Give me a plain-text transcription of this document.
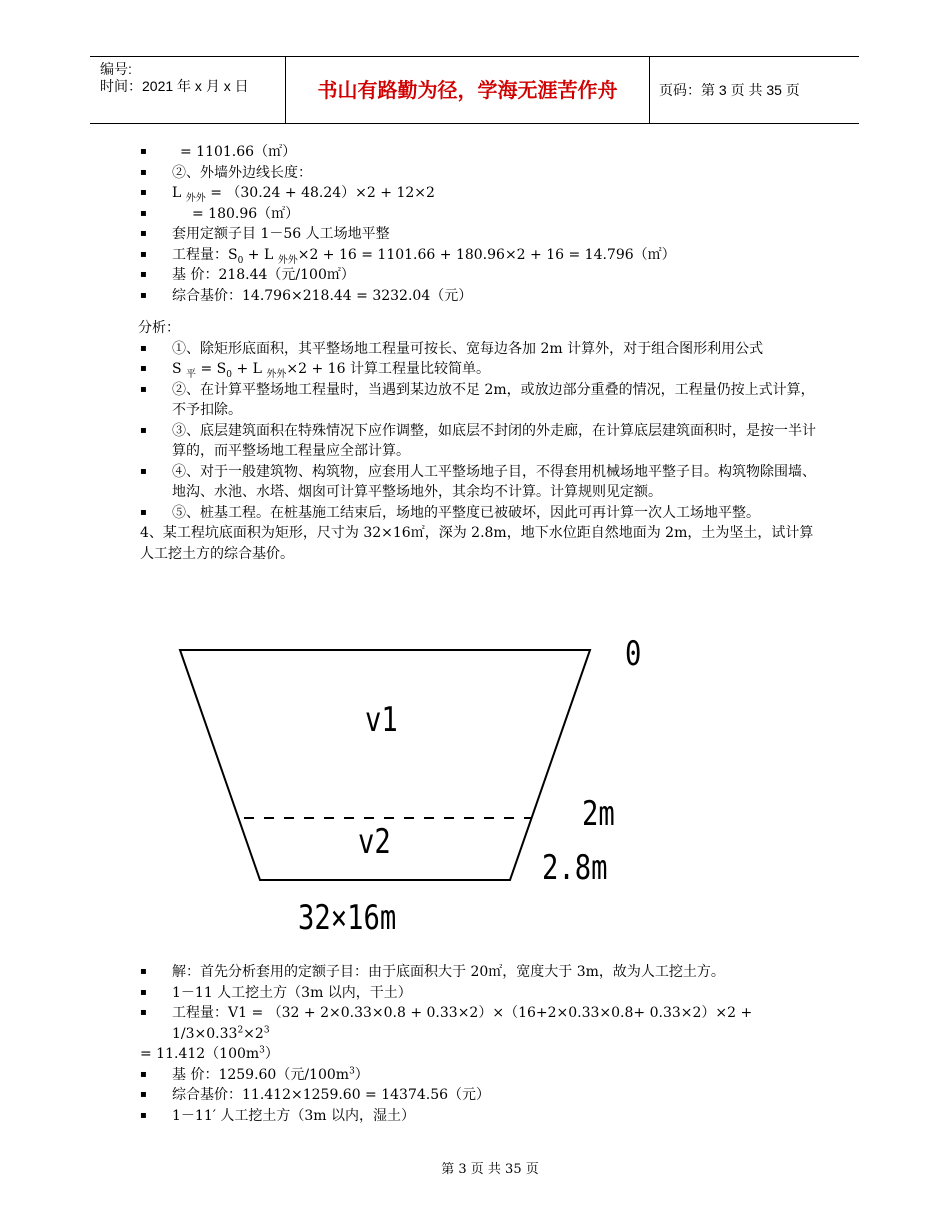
编号:
时间：2021 年 x 月 x 日	书山有路勤为径，学海无涯苦作舟	页码：第 3 页 共 35 页
▪ = 1101.66（㎡）
▪ ②、外墙外边线长度：
▪ L $_{外外}$ = （30.24 + 48.24）×2 + 12×2
▪ = 180.96（㎡）
▪ 套用定额子目 1－56 人工场地平整
▪ 工程量：$S_0 + L$ $_{外外}$×2 + 16 = 1101.66 + 180.96×2 + 16 = 14.796（㎡）
▪ 基 价：218.44（元/100㎡）
▪ 综合基价：14.796×218.44 = 3232.04（元）
分析：
▪ ①、除矩形底面积，其平整场地工程量可按长、宽每边各加 2m 计算外，对于组合图形利用公式
▪ S $_平 = S_0 + L$ $_{外外}$×2 + 16 计算工程量比较简单。
▪ ②、在计算平整场地工程量时，当遇到某边放不足 2m，或放边部分重叠的情况，工程量仍按上式计算，不予扣除。
▪ ③、底层建筑面积在特殊情况下应作调整，如底层不封闭的外走廊，在计算底层建筑面积时，是按一半计算的，而平整场地工程量应全部计算。
▪ ④、对于一般建筑物、构筑物，应套用人工平整场地子目，不得套用机械场地平整子目。构筑物除围墙、地沟、水池、水塔、烟囱可计算平整场地外，其余均不计算。计算规则见定额。
▪ ⑤、桩基工程。在桩基施工结束后，场地的平整度已被破坏，因此可再计算一次人工场地平整。
4、某工程坑底面积为矩形，尺寸为 32×16㎡，深为 2.8m，地下水位距自然地面为 2m，土为坚土，试计算人工挖土方的综合基价。
0
v1
v2
2m
2.8m
32×16m
▪ 解：首先分析套用的定额子目：由于底面积大于 20㎡，宽度大于 3m，故为人工挖土方。
▪ 1－11 人工挖土方（3m 以内，干土）
▪ 工程量：$V1 = (32 + 2\times 0.33\times 0.8 + 0.33\times 2)\times(16+2\times 0.33\times 0.8+ 0.33\times 2)\times 2 + 1/3\times 0.33^2\times 2^3$
= $11.412(100m^3)$
▪ 基 价：1259.60（元$/100m^3$）
▪ 综合基价：11.412×1259.60 = 14374.56（元）
▪ 1－11′ 人工挖土方（3m 以内，湿土）
第 3 页 共 35 页
